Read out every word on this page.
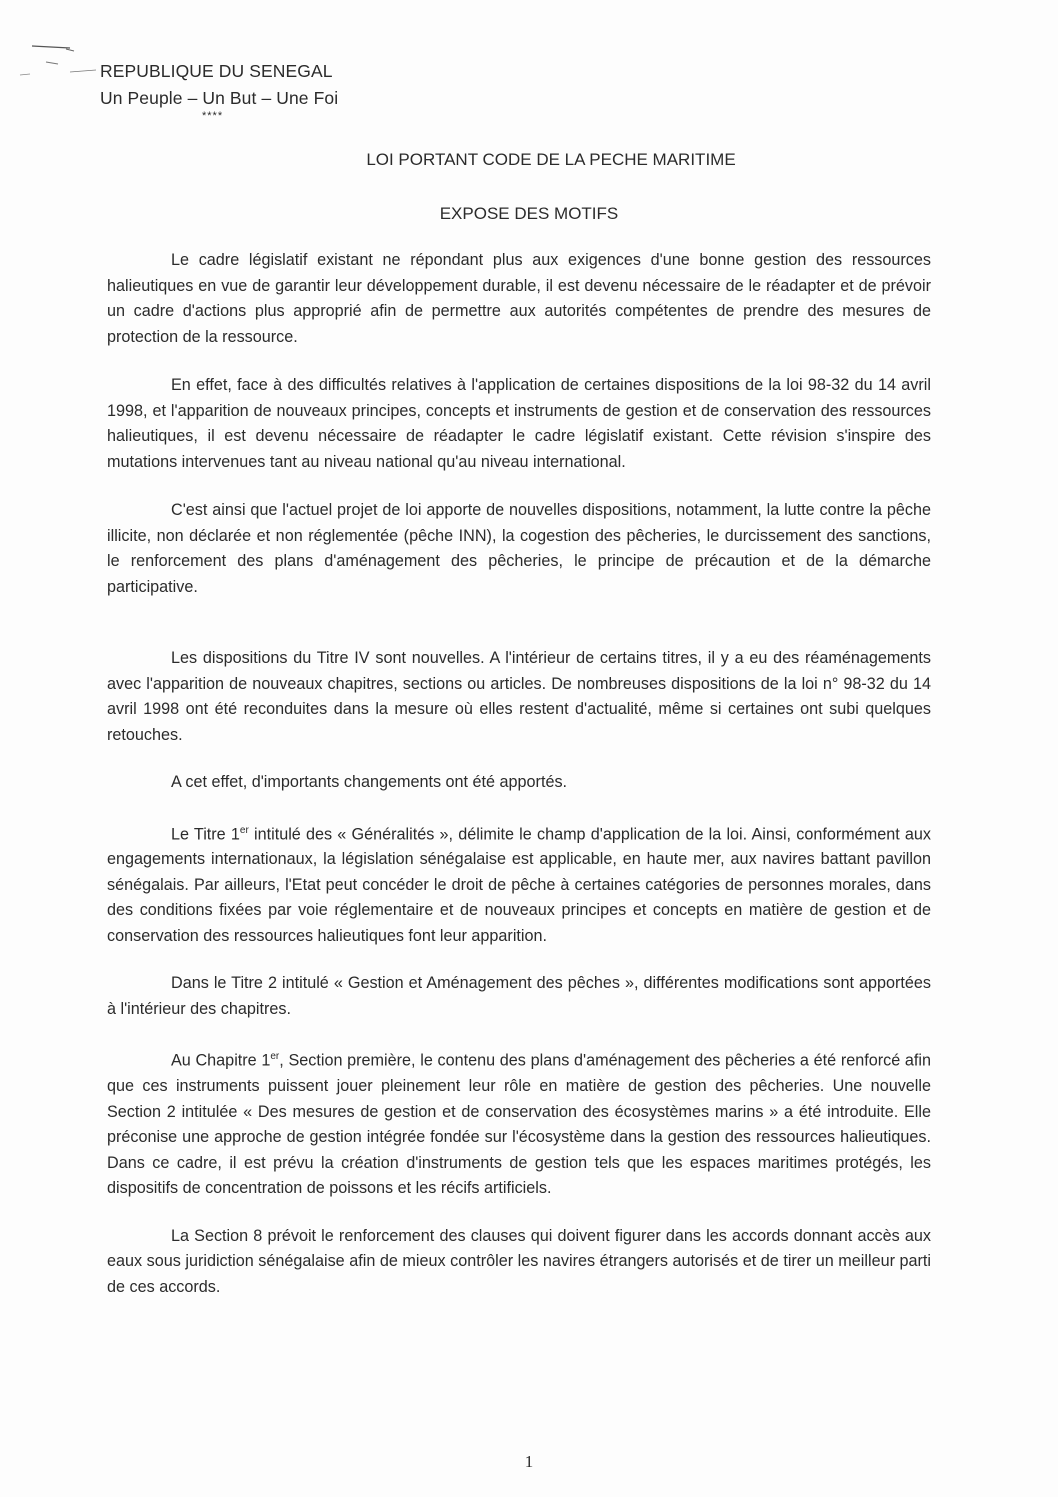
REPUBLIQUE DU SENEGAL
Un Peuple – Un But – Une Foi
****
LOI PORTANT CODE DE LA PECHE MARITIME
EXPOSE DES MOTIFS

Le cadre législatif existant ne répondant plus aux exigences d'une bonne gestion des ressources halieutiques en vue de garantir leur développement durable, il est devenu nécessaire de le réadapter et de prévoir un cadre d'actions plus approprié afin de permettre aux autorités compétentes de prendre des mesures de protection de la ressource.

En effet, face à des difficultés relatives à l'application de certaines dispositions de la loi 98-32 du 14 avril 1998, et l'apparition de nouveaux principes, concepts et instruments de gestion et de conservation des ressources halieutiques, il est devenu nécessaire de réadapter le cadre législatif existant. Cette révision s'inspire des mutations intervenues tant au niveau national qu'au niveau international.

C'est ainsi que l'actuel projet de loi apporte de nouvelles dispositions, notamment, la lutte contre la pêche illicite, non déclarée et non réglementée (pêche INN), la cogestion des pêcheries, le durcissement des sanctions, le renforcement des plans d'aménagement des pêcheries, le principe de précaution et de la démarche participative.

Les dispositions du Titre IV sont nouvelles. A l'intérieur de certains titres, il y a eu des réaménagements avec l'apparition de nouveaux chapitres, sections ou articles. De nombreuses dispositions de la loi n° 98-32 du 14 avril 1998 ont été reconduites dans la mesure où elles restent d'actualité, même si certaines ont subi quelques retouches.

A cet effet, d'importants changements ont été apportés.

Le Titre 1er intitulé des « Généralités », délimite le champ d'application de la loi. Ainsi, conformément aux engagements internationaux, la législation sénégalaise est applicable, en haute mer, aux navires battant pavillon sénégalais. Par ailleurs, l'Etat peut concéder le droit de pêche à certaines catégories de personnes morales, dans des conditions fixées par voie réglementaire et de nouveaux principes et concepts en matière de gestion et de conservation des ressources halieutiques font leur apparition.

Dans le Titre 2 intitulé « Gestion et Aménagement des pêches », différentes modifications sont apportées à l'intérieur des chapitres.

Au Chapitre 1er, Section première, le contenu des plans d'aménagement des pêcheries a été renforcé afin que ces instruments puissent jouer pleinement leur rôle en matière de gestion des pêcheries. Une nouvelle Section 2 intitulée « Des mesures de gestion et de conservation des écosystèmes marins » a été introduite. Elle préconise une approche de gestion intégrée fondée sur l'écosystème dans la gestion des ressources halieutiques. Dans ce cadre, il est prévu la création d'instruments de gestion tels que les espaces maritimes protégés, les dispositifs de concentration de poissons et les récifs artificiels.

La Section 8 prévoit le renforcement des clauses qui doivent figurer dans les accords donnant accès aux eaux sous juridiction sénégalaise afin de mieux contrôler les navires étrangers autorisés et de tirer un meilleur parti de ces accords.

1
